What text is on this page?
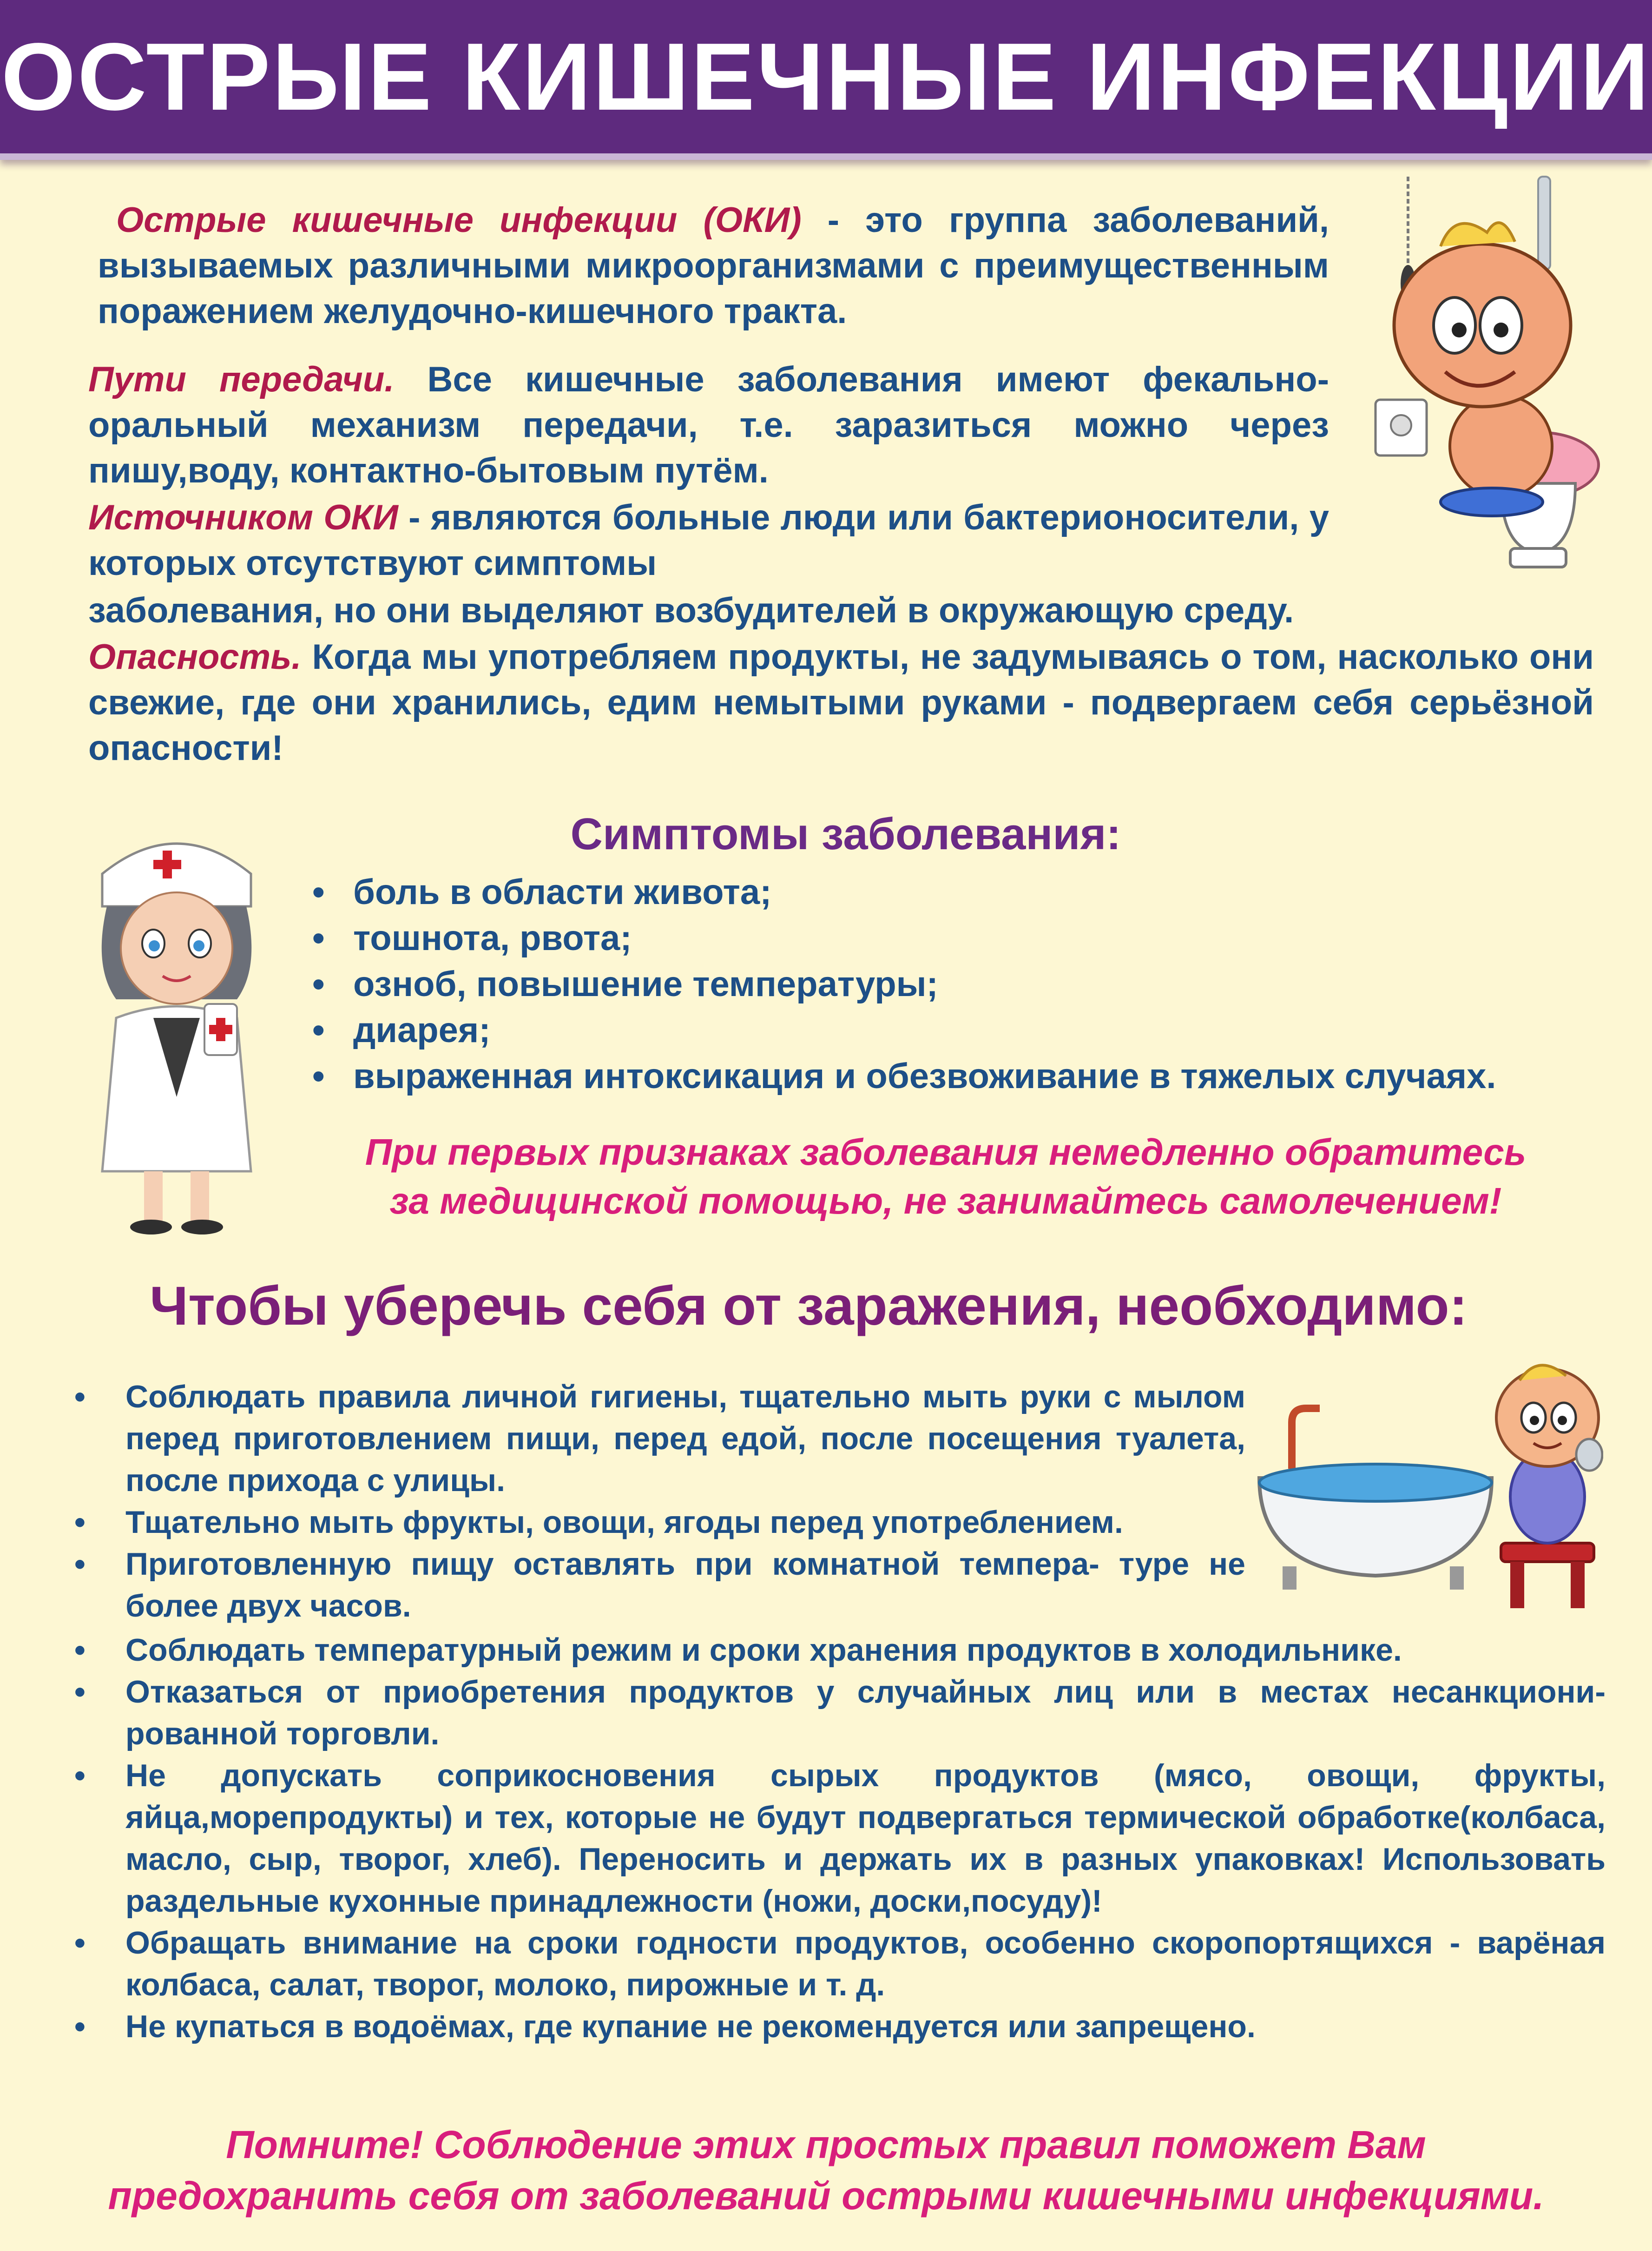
ОСТРЫЕ КИШЕЧНЫЕ ИНФЕКЦИИ
Острые кишечные инфекции (ОКИ) - это группа заболеваний, вызываемых различными микроорганизмами с преимущественным поражением желудочно-кишечного тракта.
Пути передачи. Все кишечные заболевания имеют фекально-оральный механизм передачи, т.е. заразиться можно через пишу,воду, контактно-бытовым путём.
Источником ОКИ - являются больные люди или бактерионосители, у которых отсутствуют симптомы
заболевания, но они выделяют возбудителей в окружающую среду.
Опасность. Когда мы употребляем продукты, не задумываясь о том, насколько они свежие, где они хранились, едим немытыми руками - подвергаем себя серьёзной опасности!
Симптомы заболевания:
• боль в области живота;
• тошнота, рвота;
• озноб, повышение температуры;
• диарея;
• выраженная интоксикация и обезвоживание в тяжелых случаях.
При первых признаках заболевания немедленно обратитесь
за медицинской помощью, не занимайтесь самолечением!
Чтобы уберечь себя от заражения, необходимо:
• Соблюдать правила личной гигиены, тщательно мыть руки с мылом перед приготовлением пищи, перед едой, после посещения туалета, после прихода с улицы.
• Тщательно мыть фрукты, овощи, ягоды перед употреблением.
• Приготовленную пищу оставлять при комнатной темпера- туре не более двух часов.
• Соблюдать температурный режим и сроки хранения продуктов в холодильнике.
• Отказаться от приобретения продуктов у случайных лиц или в местах несанкциони- рованной торговли.
• Не допускать соприкосновения сырых продуктов (мясо, овощи, фрукты, яйца,морепродукты) и тех, которые не будут подвергаться термической обработке(колбаса, масло, сыр, творог, хлеб). Переносить и держать их в разных упаковках! Использовать раздельные кухонные принадлежности (ножи, доски,посуду)!
• Обращать внимание на сроки годности продуктов, особенно скоропортящихся - варёная колбаса, салат, творог, молоко, пирожные и т. д.
• Не купаться в водоёмах, где купание не рекомендуется или запрещено.
Помните! Соблюдение этих простых правил поможет Вам
предохранить себя от заболеваний острыми кишечными инфекциями.
